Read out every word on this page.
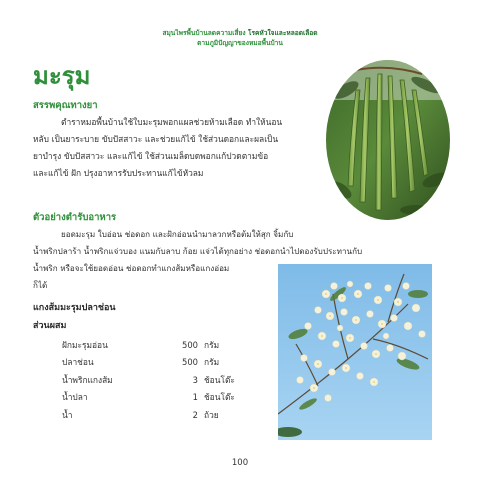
สมุนไพรพื้นบ้านลดความเสี่ยง โรคหัวใจและหลอดเลือด
ตามภูมิปัญญาของหมอพื้นบ้าน
มะรุม
สรรพคุณทางยา

ตำราหมอพื้นบ้านใช้ใบมะรุมพอกแผลช่วยห้ามเลือด ทำให้นอน

หลับ เป็นยาระบาย ขับปัสสาวะ และช่วยแก้ไข้ ใช้ส่วนดอกและผลเป็น
ยาบำรุง ขับปัสสาวะ และแก้ไข้ ใช้ส่วนเมล็ดบดพอกแก้ปวดตามข้อ
และแก้ไข้ ฝัก ปรุงอาหารรับประทานแก้ไข้หัวลม
ตัวอย่างตำรับอาหาร

ยอดมะรุม ใบอ่อน ช่อดอก และฝักอ่อนนำมาลวกหรือต้มให้สุก จิ้มกับ

น้ำพริกปลาร้า น้ำพริกแจ่วบอง แนมกับลาบ ก้อย แจ่วได้ทุกอย่าง ช่อดอกนำไปดองรับประทานกับ
น้ำพริก หรือจะใช้ยอดอ่อน ช่อดอกทำแกงส้มหรือแกงอ่อม
ก็ได้
แกงส้มมะรุมปลาช่อน
ส่วนผสม
ฝักมะรุมอ่อน	500 กรัม
ปลาช่อน	500 กรัม
น้ำพริกแกงส้ม	3 ช้อนโต๊ะ
น้ำปลา	1 ช้อนโต๊ะ
น้ำ	2 ถ้วย
100
